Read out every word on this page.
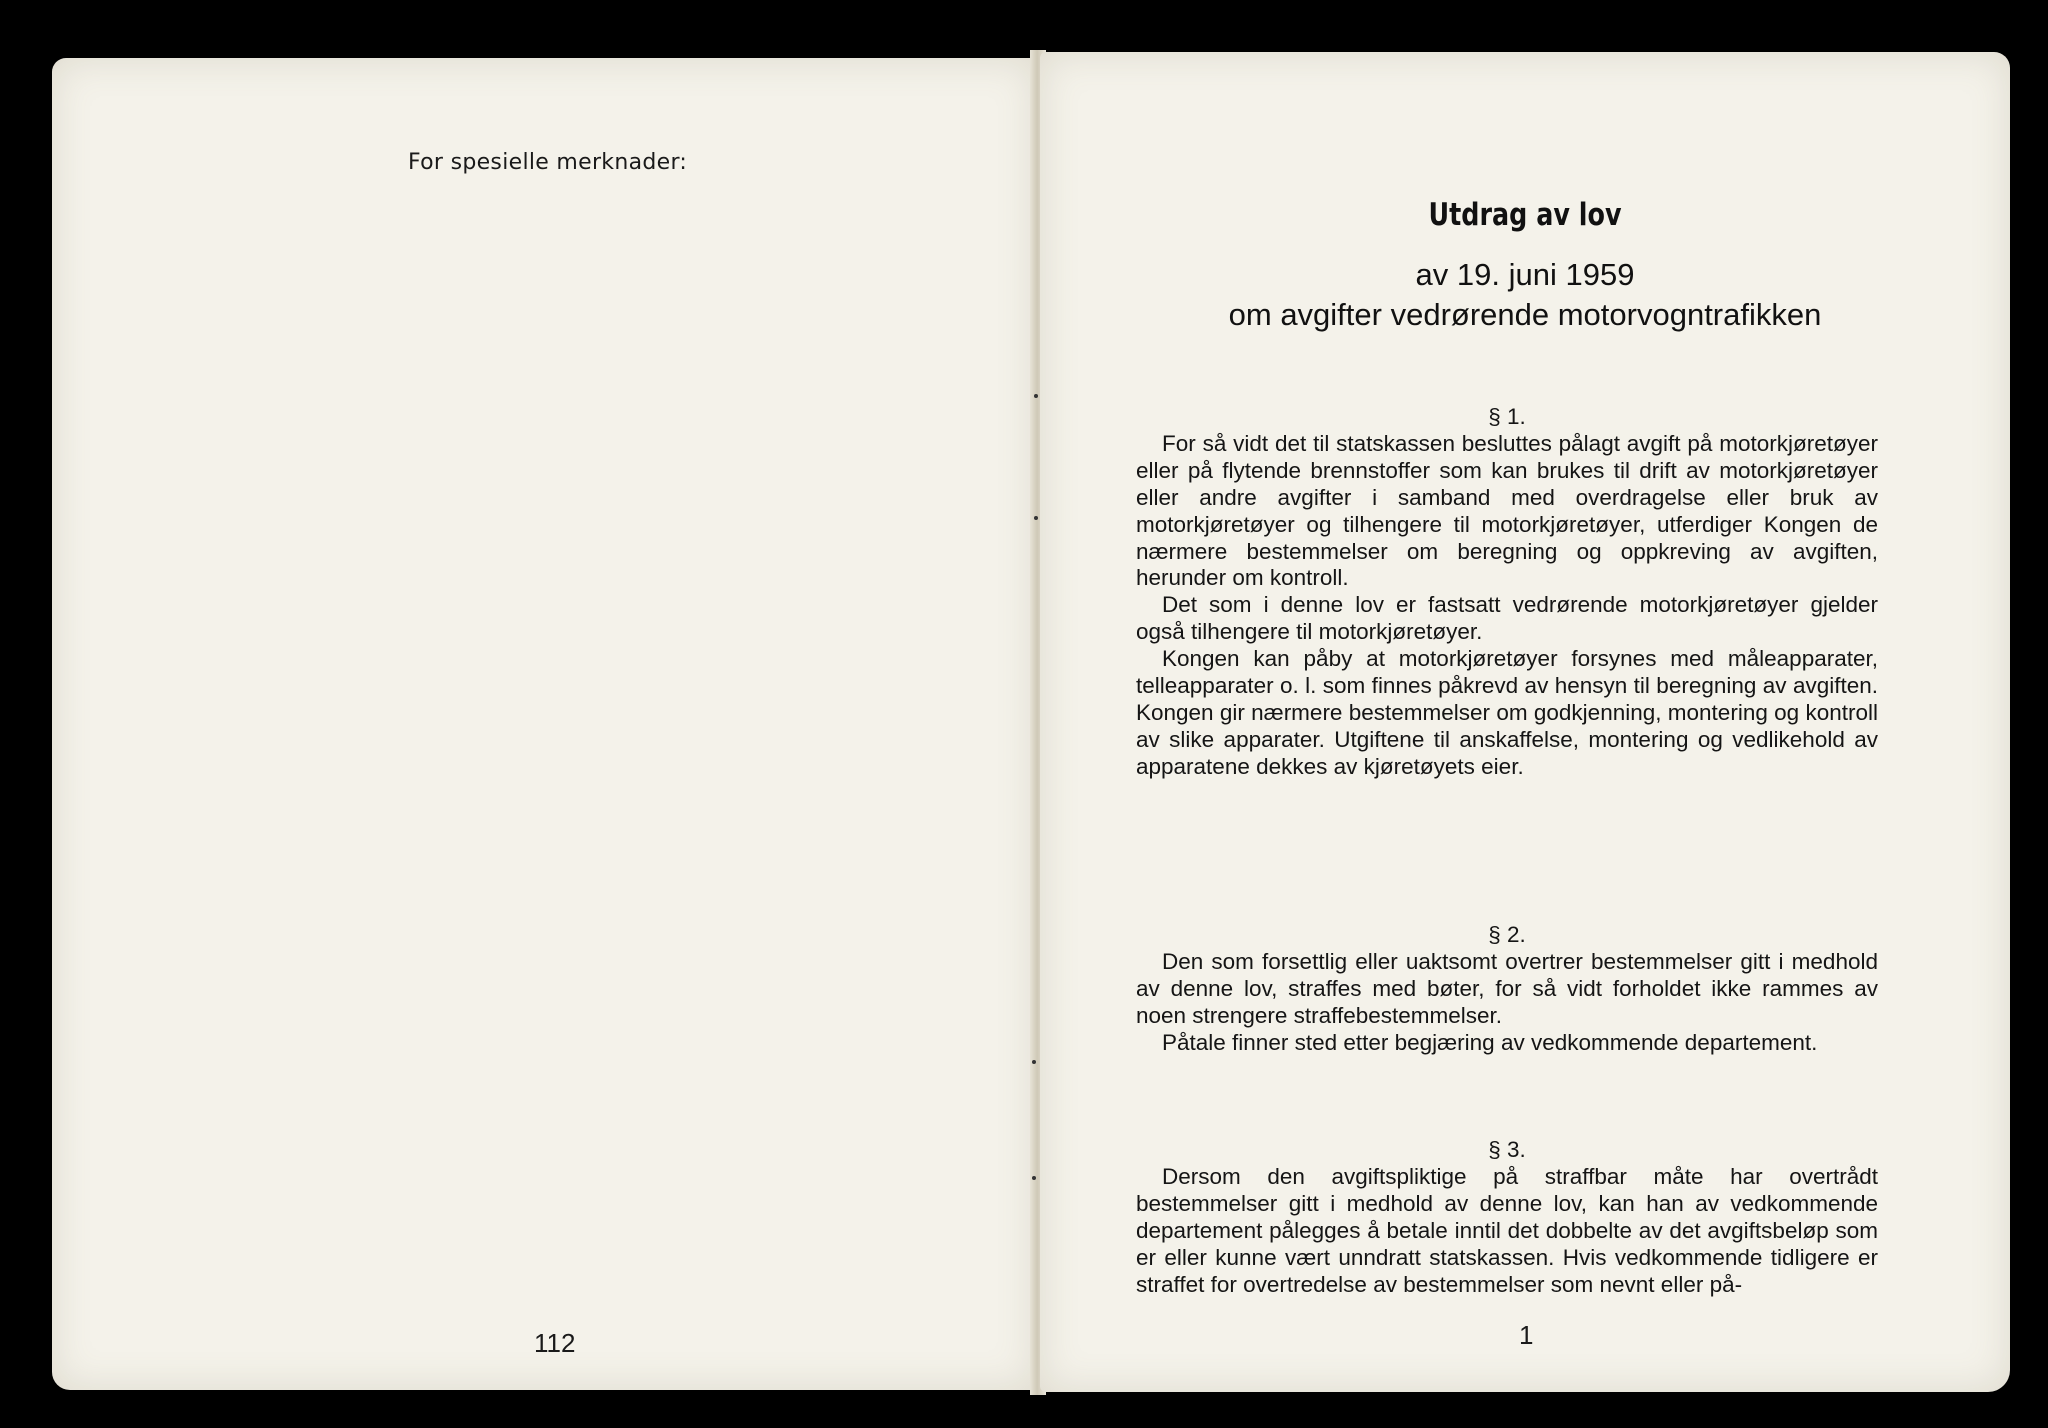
For spesielle merknader:
112
Utdrag av lov
av 19. juni 1959
om avgifter vedrørende motorvogntrafikken

§ 1.

For så vidt det til statskassen besluttes pålagt avgift på motorkjøretøyer eller på flytende brennstoffer som kan brukes til drift av motorkjøretøyer eller andre avgifter i samband med overdragelse eller bruk av motorkjøretøyer og tilhengere til motorkjøretøyer, utferdiger Kongen de nærmere bestemmelser om beregning og oppkreving av avgiften, herunder om kontroll.

Det som i denne lov er fastsatt vedrørende motorkjøretøyer gjelder også tilhengere til motorkjøretøyer.

Kongen kan påby at motorkjøretøyer forsynes med måleapparater, telleapparater o. l. som finnes påkrevd av hensyn til beregning av avgiften. Kongen gir nærmere bestemmelser om godkjenning, montering og kontroll av slike apparater. Utgiftene til anskaffelse, montering og vedlikehold av apparatene dekkes av kjøretøyets eier.

§ 2.

Den som forsettlig eller uaktsomt overtrer bestemmelser gitt i medhold av denne lov, straffes med bøter, for så vidt forholdet ikke rammes av noen strengere straffebestemmelser.

Påtale finner sted etter begjæring av vedkommende departement.

§ 3.

Dersom den avgiftspliktige på straffbar måte har overtrådt bestemmelser gitt i medhold av denne lov, kan han av vedkommende departement pålegges å betale inntil det dobbelte av det avgiftsbeløp som er eller kunne vært unndratt statskassen. Hvis vedkommende tidligere er straffet for overtredelse av bestemmelser som nevnt eller på-

1
